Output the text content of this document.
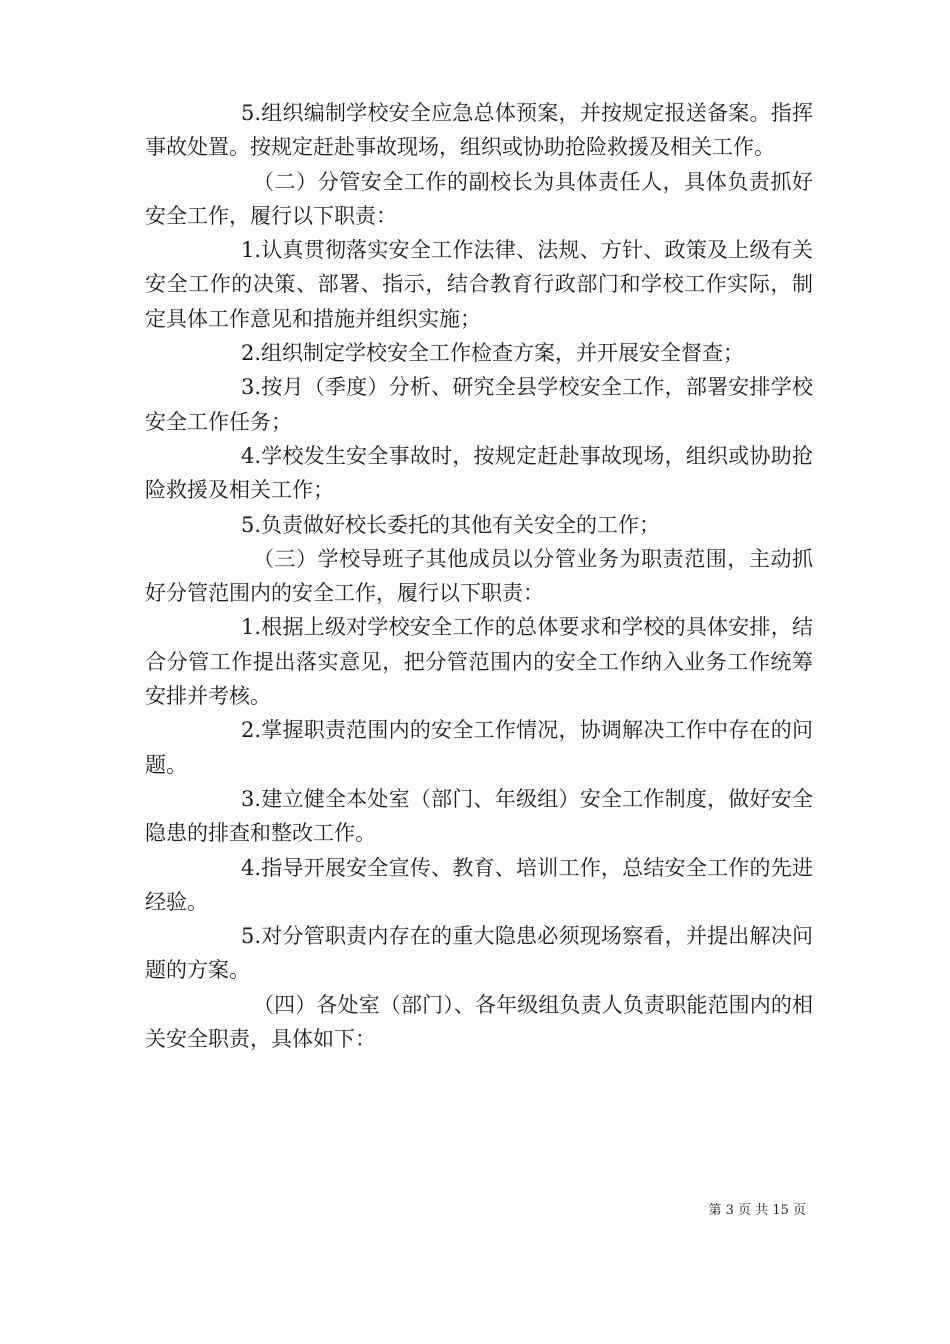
5.组织编制学校安全应急总体预案，并按规定报送备案。指挥事故处置。按规定赶赴事故现场，组织或协助抢险救援及相关工作。

（二）分管安全工作的副校长为具体责任人，具体负责抓好安全工作，履行以下职责：

1.认真贯彻落实安全工作法律、法规、方针、政策及上级有关安全工作的决策、部署、指示，结合教育行政部门和学校工作实际，制定具体工作意见和措施并组织实施；

2.组织制定学校安全工作检查方案，并开展安全督查；

3.按月（季度）分析、研究全县学校安全工作，部署安排学校安全工作任务；

4.学校发生安全事故时，按规定赶赴事故现场，组织或协助抢险救援及相关工作；

5.负责做好校长委托的其他有关安全的工作；

（三）学校导班子其他成员以分管业务为职责范围，主动抓好分管范围内的安全工作，履行以下职责：

1.根据上级对学校安全工作的总体要求和学校的具体安排，结合分管工作提出落实意见，把分管范围内的安全工作纳入业务工作统筹安排并考核。

2.掌握职责范围内的安全工作情况，协调解决工作中存在的问题。

3.建立健全本处室（部门、年级组）安全工作制度，做好安全隐患的排查和整改工作。

4.指导开展安全宣传、教育、培训工作，总结安全工作的先进经验。

5.对分管职责内存在的重大隐患必须现场察看，并提出解决问题的方案。

（四）各处室（部门）、各年级组负责人负责职能范围内的相关安全职责，具体如下：

第 3 页 共 15 页
